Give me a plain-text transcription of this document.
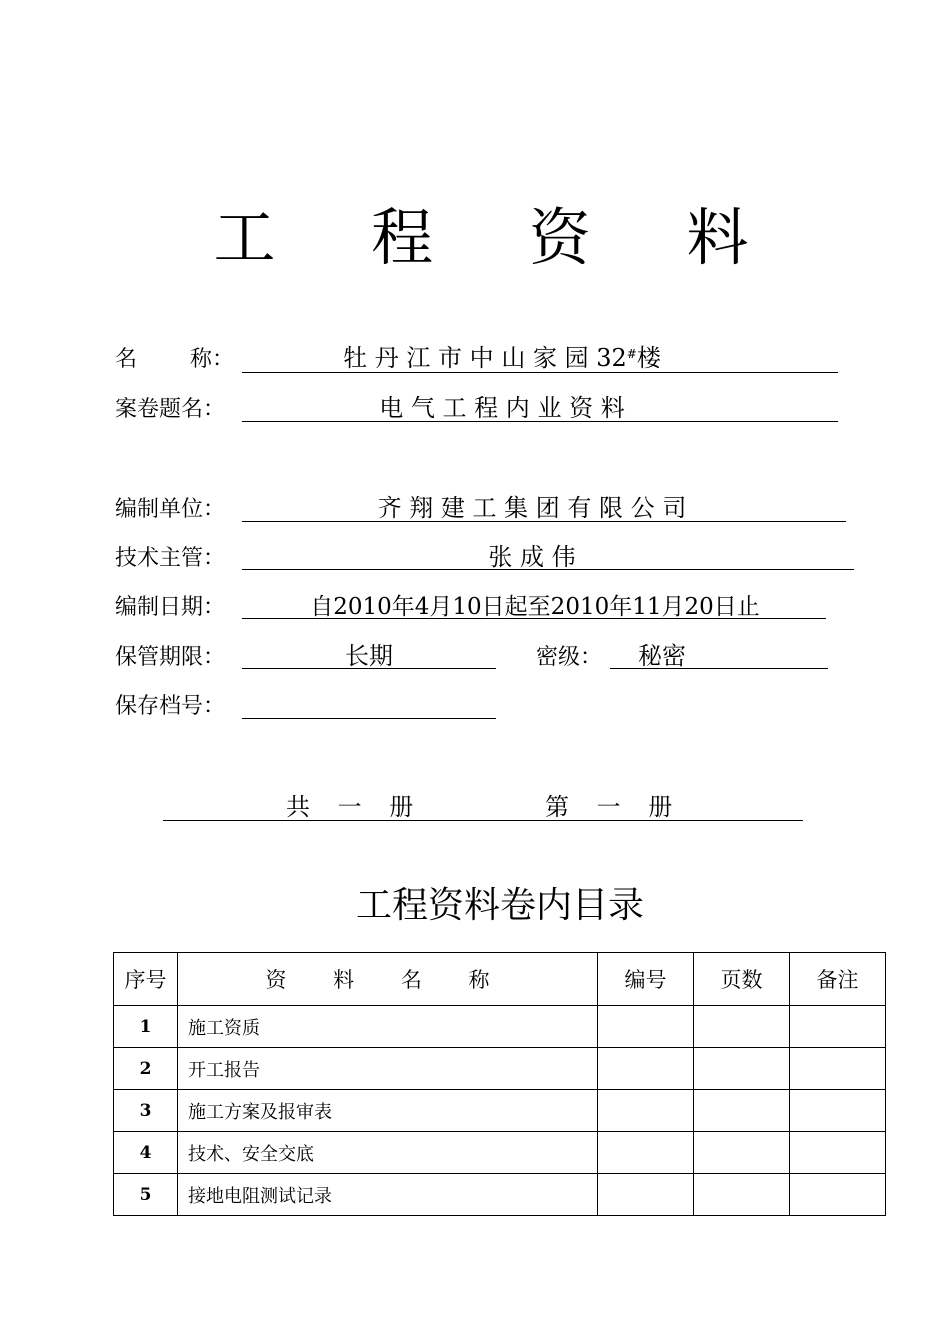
工 程 资 料
名 称：	牡 丹 江 市 中 山 家 园 32#楼
案卷题名：	电 气 工 程 内 业 资 料
编制单位：	齐 翔 建 工 集 团 有 限 公 司
技术主管：	张 成 伟
编制日期：	自2010年4月10日起至2010年11月20日止
保管期限：	长期	密级：	秘密
保存档号：
共 一 册	第 一 册
工程资料卷内目录
序号	资 料 名 称	编号	页数	备注
1	施工资质			
2	开工报告			
3	施工方案及报审表			
4	技术、安全交底			
5	接地电阻测试记录			
